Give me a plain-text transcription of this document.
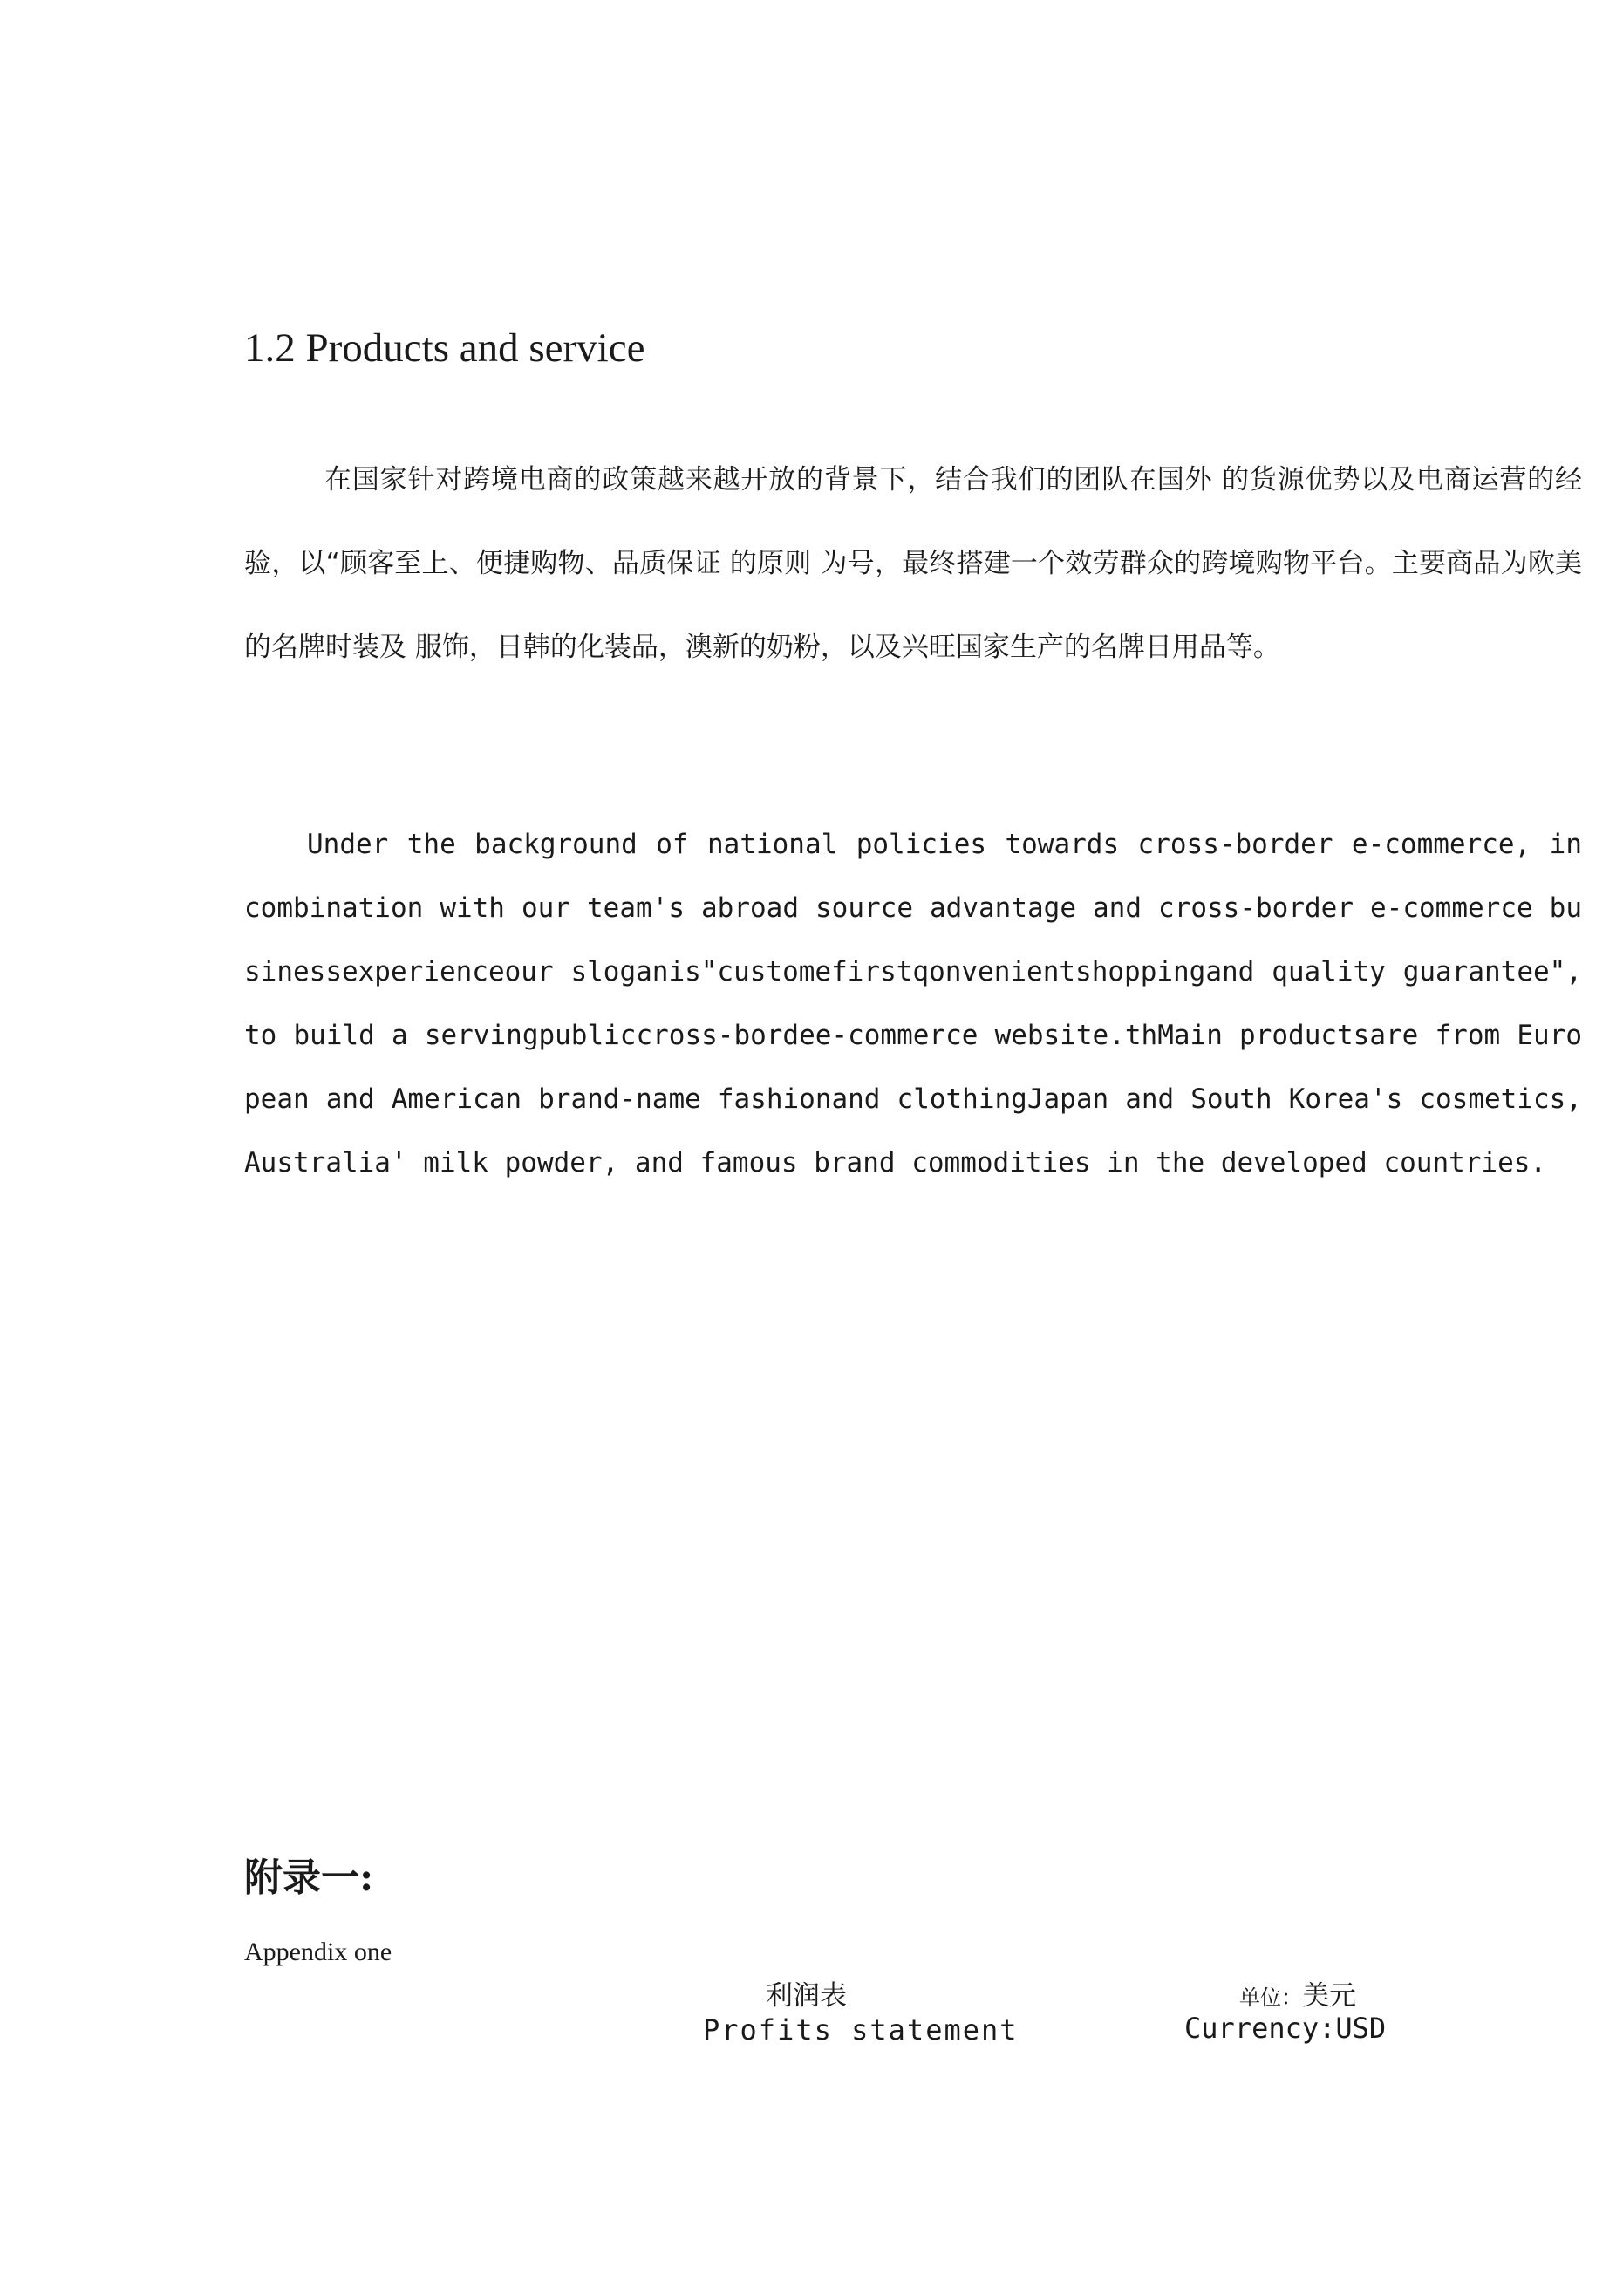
1.2 Products and service

在国家针对跨境电商的政策越来越开放的背景下，结合我们的团队在国外 的货源优势以及电商运营的经验，以“顾客至上、便捷购物、品质保证 的原则 为号，最终搭建一个效劳群众的跨境购物平台。主要商品为欧美的名牌时装及 服饰，日韩的化装品，澳新的奶粉，以及兴旺国家生产的名牌日用品等。

Under the background of national policies towards cross-border e-commerce, in combination with our team's abroad source advantage and cross-border e-commerce businessexperienceour sloganis"customefirstqonvenientshoppingand quality guarantee", to build a servingpubliccross-bordee-commerce website.thMain productsare from European and American brand-name fashionand clothingJapan and South Korea's cosmetics, Australia' milk powder, and famous brand commodities in the developed countries.

附录一:

Appendix one

利润表
Profits statement
单位：美元
Currency:USD
